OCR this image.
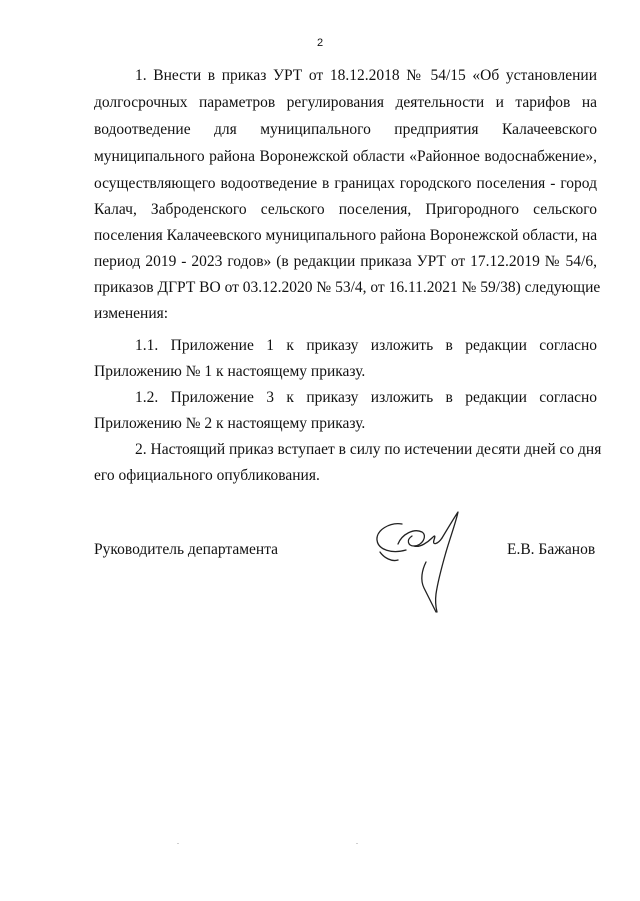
2
1. Внести в приказ УРТ от 18.12.2018 № 54/15 «Об установлении
долгосрочных параметров регулирования деятельности и тарифов на
водоотведение для муниципального предприятия Калачеевского
муниципального района Воронежской области «Районное водоснабжение»,
осуществляющего водоотведение в границах городского поселения - город
Калач, Заброденского сельского поселения, Пригородного сельского
поселения Калачеевского муниципального района Воронежской области, на
период 2019 - 2023 годов» (в редакции приказа УРТ от 17.12.2019 № 54/6,
приказов ДГРТ ВО от 03.12.2020 № 53/4, от 16.11.2021 № 59/38) следующие
изменения:
1.1. Приложение 1 к приказу изложить в редакции согласно
Приложению № 1 к настоящему приказу.
1.2. Приложение 3 к приказу изложить в редакции согласно
Приложению № 2 к настоящему приказу.
2. Настоящий приказ вступает в силу по истечении десяти дней со дня
его официального опубликования.
Руководитель департамента	Е.В. Бажанов
